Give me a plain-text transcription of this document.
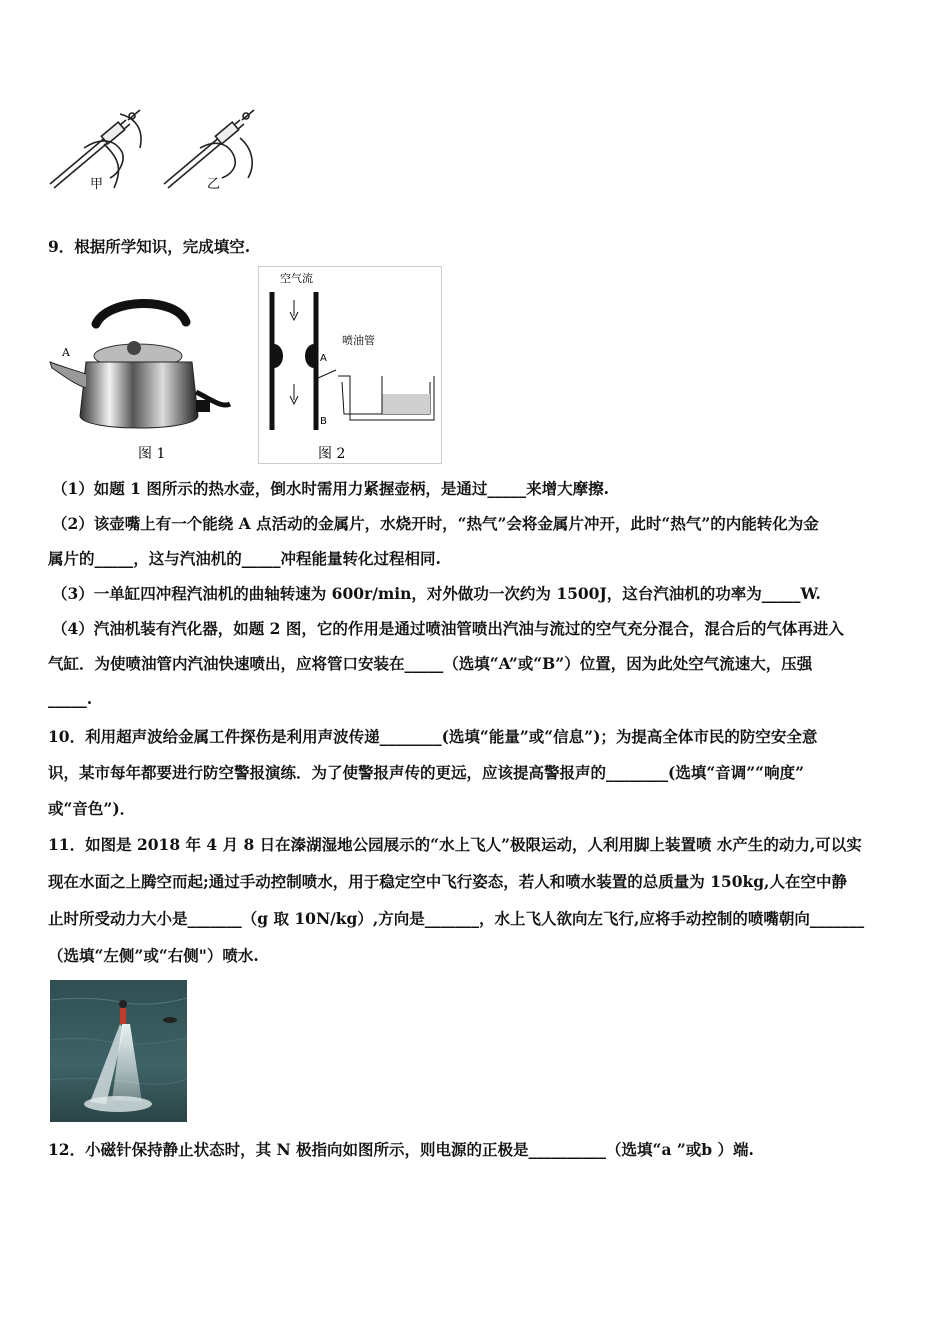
甲	乙
9．根据所学知识，完成填空.
A
图 1
空气流
A
B
喷油管
图 2
（1）如题 1 图所示的热水壶，倒水时需用力紧握壶柄，是通过_____来增大摩擦.
（2）该壶嘴上有一个能绕 A 点活动的金属片，水烧开时，“热气”会将金属片冲开，此时“热气”的内能转化为金
属片的_____，这与汽油机的_____冲程能量转化过程相同.
（3）一单缸四冲程汽油机的曲轴转速为 600r/min，对外做功一次约为 1500J，这台汽油机的功率为_____W.
（4）汽油机装有汽化器，如题 2 图，它的作用是通过喷油管喷出汽油与流过的空气充分混合，混合后的气体再进入
气缸．为使喷油管内汽油快速喷出，应将管口安装在_____（选填“A”或“B”）位置，因为此处空气流速大，压强
_____.
10．利用超声波给金属工件探伤是利用声波传递________(选填“能量”或“信息”)；为提高全体市民的防空安全意
识，某市每年都要进行防空警报演练．为了使警报声传的更远，应该提高警报声的________(选填“音调”“响度”
或“音色”)．
11．如图是 2018 年 4 月 8 日在溱湖湿地公园展示的“水上飞人”极限运动，人利用脚上装置喷 水产生的动力,可以实
现在水面之上腾空而起;通过手动控制喷水，用于稳定空中飞行姿态，若人和喷水装置的总质量为 150kg,人在空中静
止时所受动力大小是_______（g 取 10N/kg）,方向是_______，水上飞人欲向左飞行,应将手动控制的喷嘴朝向_______
（选填“左侧”或“右侧"）喷水.
12．小磁针保持静止状态时，其 N 极指向如图所示，则电源的正极是__________（选填“a ”或b ）端.
